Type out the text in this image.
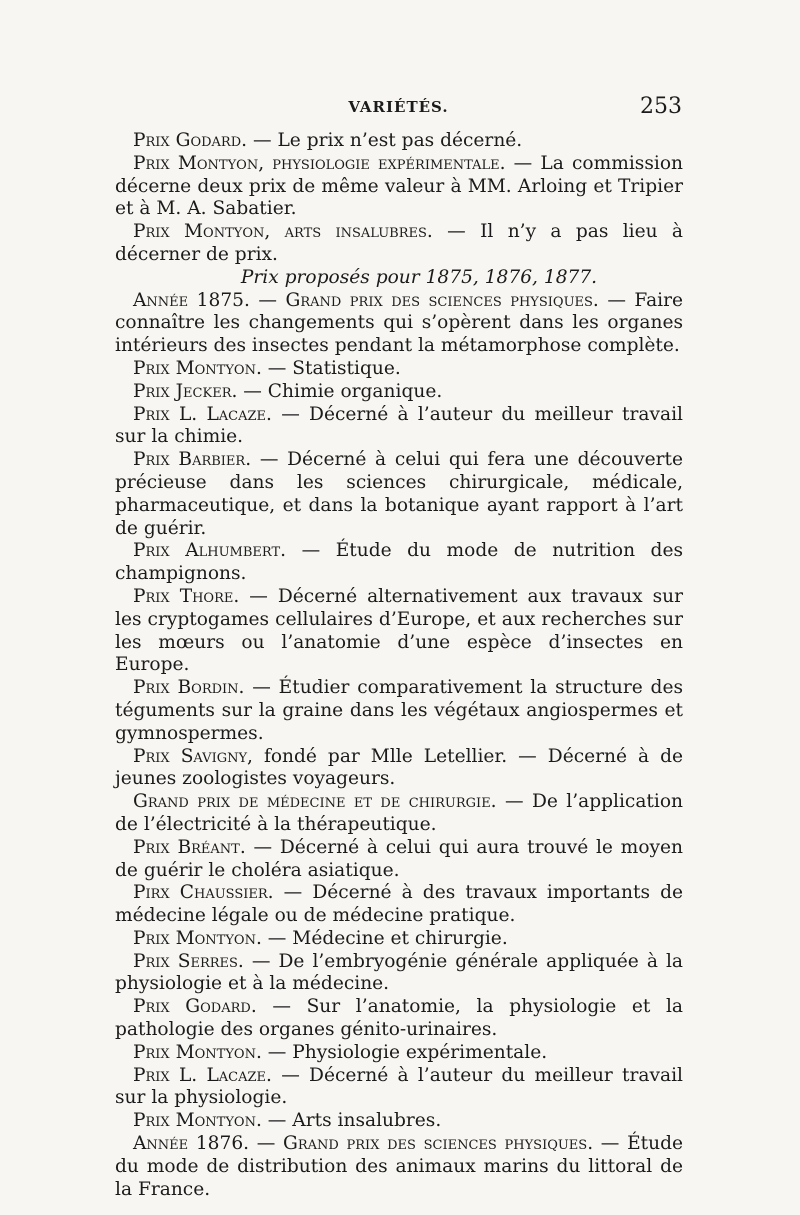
VARIÉTÉS.	253

Prix Godard. — Le prix n’est pas décerné.

Prix Montyon, physiologie expérimentale. — La commission décerne deux prix de même valeur à MM. Arloing et Tripier et à M. A. Sabatier.

Prix Montyon, arts insalubres. — Il n’y a pas lieu à décerner de prix.

Prix proposés pour 1875, 1876, 1877.

Année 1875. — Grand prix des sciences physiques. — Faire connaître les changements qui s’opèrent dans les organes intérieurs des insectes pendant la métamorphose complète.

Prix Montyon. — Statistique.

Prix Jecker. — Chimie organique.

Prix L. Lacaze. — Décerné à l’auteur du meilleur travail sur la chimie.

Prix Barbier. — Décerné à celui qui fera une découverte précieuse dans les sciences chirurgicale, médicale, pharmaceutique, et dans la botanique ayant rapport à l’art de guérir.

Prix Alhumbert. — Étude du mode de nutrition des champignons.

Prix Thore. — Décerné alternativement aux travaux sur les cryptogames cellulaires d’Europe, et aux recherches sur les mœurs ou l’anatomie d’une espèce d’insectes en Europe.

Prix Bordin. — Étudier comparativement la structure des téguments sur la graine dans les végétaux angiospermes et gymnospermes.

Prix Savigny, fondé par Mlle Letellier. — Décerné à de jeunes zoologistes voyageurs.

Grand prix de médecine et de chirurgie. — De l’application de l’électricité à la thérapeutique.

Prix Bréant. — Décerné à celui qui aura trouvé le moyen de guérir le choléra asiatique.

Pirx Chaussier. — Décerné à des travaux importants de médecine légale ou de médecine pratique.

Prix Montyon. — Médecine et chirurgie.

Prix Serres. — De l’embryogénie générale appliquée à la physiologie et à la médecine.

Prix Godard. — Sur l’anatomie, la physiologie et la pathologie des organes génito-urinaires.

Prix Montyon. — Physiologie expérimentale.

Prix L. Lacaze. — Décerné à l’auteur du meilleur travail sur la physiologie.

Prix Montyon. — Arts insalubres.

Année 1876. — Grand prix des sciences physiques. — Étude du mode de distribution des animaux marins du littoral de la France.
